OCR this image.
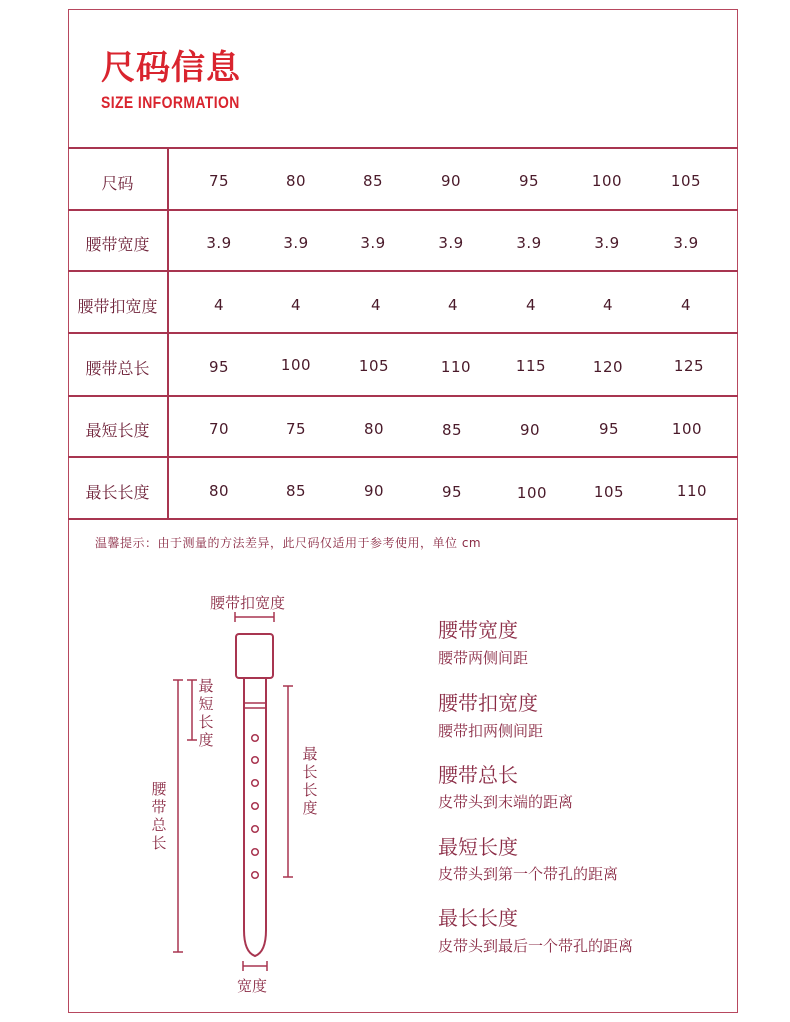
尺码信息
SIZE INFORMATION
尺码	75	80	85	90	95	100	105
腰带宽度	3.9	3.9	3.9	3.9	3.9	3.9	3.9
腰带扣宽度	4	4	4	4	4	4	4
腰带总长	95	100	105	110	115	120	125
最短长度	70	75	80	85	90	95	100
最长长度	80	85	90	95	100	105	110
温馨提示：由于测量的方法差异，此尺码仅适用于参考使用，单位 cm
腰带扣宽度
最短长度
腰带总长
最长长度
宽度
腰带宽度
腰带两侧间距
腰带扣宽度
腰带扣两侧间距
腰带总长
皮带头到末端的距离
最短长度
皮带头到第一个带孔的距离
最长长度
皮带头到最后一个带孔的距离
